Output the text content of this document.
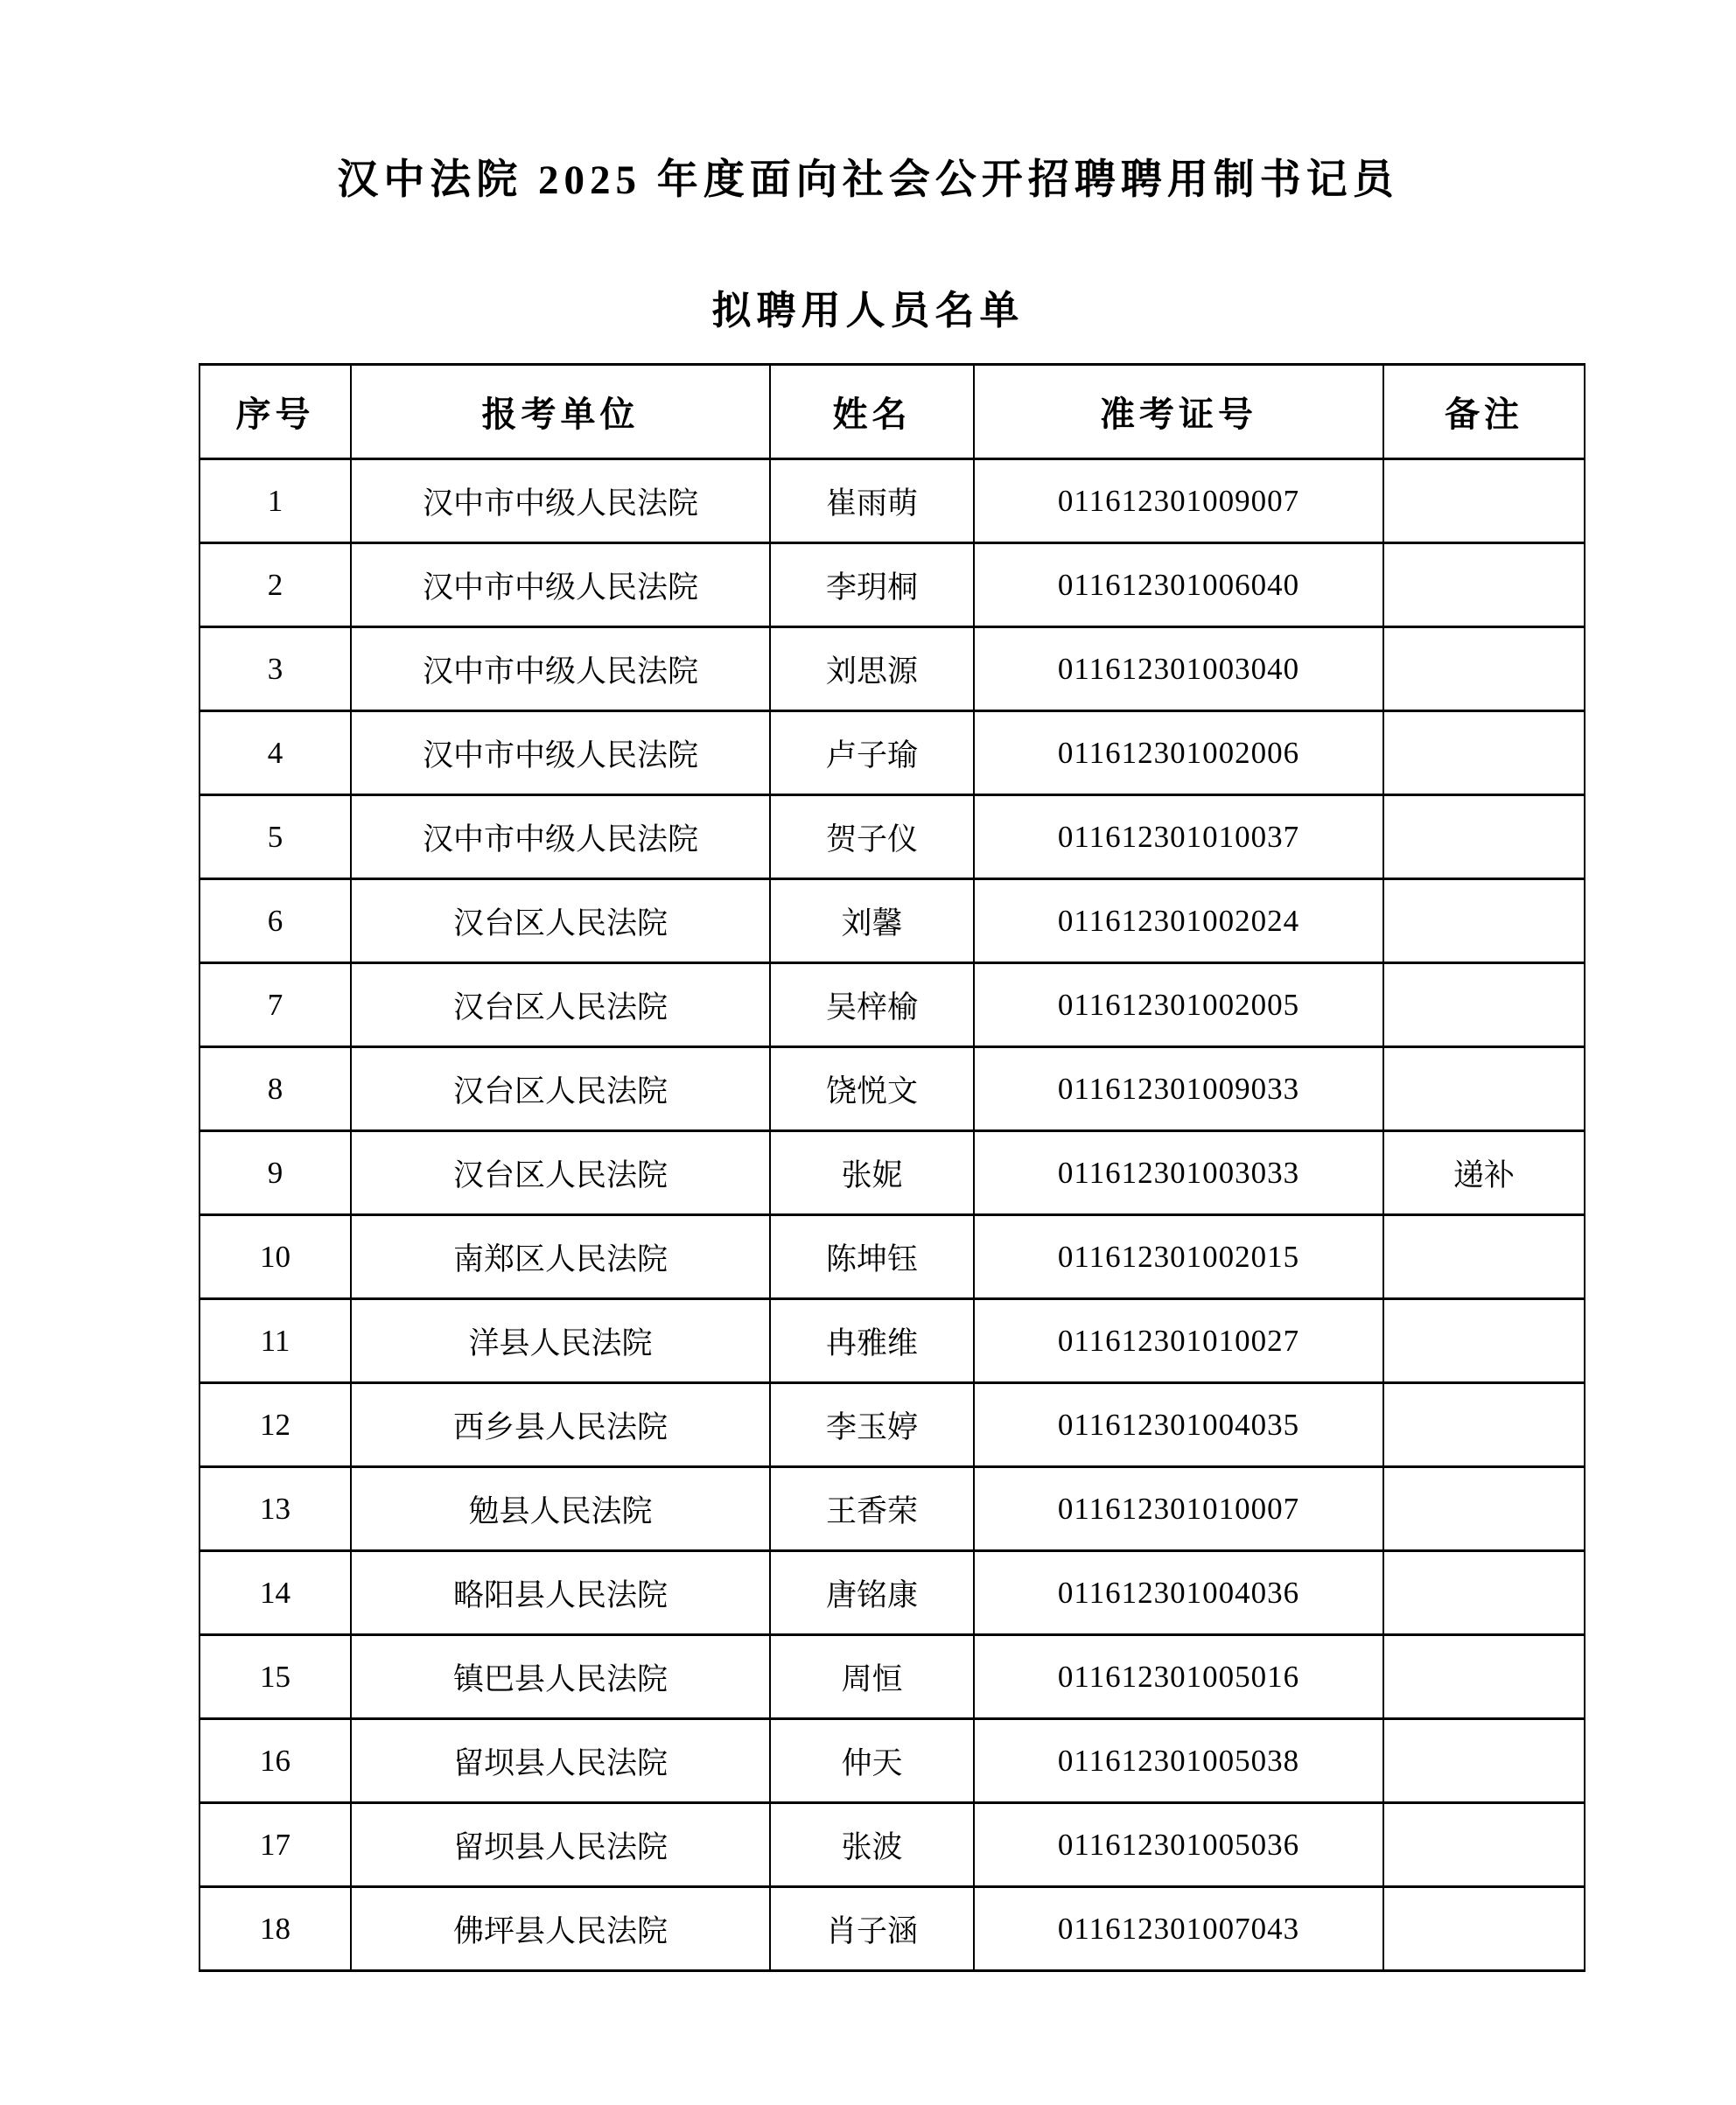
汉中法院 2025 年度面向社会公开招聘聘用制书记员

拟聘用人员名单

序号	报考单位	姓名	准考证号	备注
1	汉中市中级人民法院	崔雨萌	011612301009007	
2	汉中市中级人民法院	李玥桐	011612301006040	
3	汉中市中级人民法院	刘思源	011612301003040	
4	汉中市中级人民法院	卢子瑜	011612301002006	
5	汉中市中级人民法院	贺子仪	011612301010037	
6	汉台区人民法院	刘馨	011612301002024	
7	汉台区人民法院	吴梓榆	011612301002005	
8	汉台区人民法院	饶悦文	011612301009033	
9	汉台区人民法院	张妮	011612301003033	递补
10	南郑区人民法院	陈坤钰	011612301002015	
11	洋县人民法院	冉雅维	011612301010027	
12	西乡县人民法院	李玉婷	011612301004035	
13	勉县人民法院	王香荣	011612301010007	
14	略阳县人民法院	唐铭康	011612301004036	
15	镇巴县人民法院	周恒	011612301005016	
16	留坝县人民法院	仲天	011612301005038	
17	留坝县人民法院	张波	011612301005036	
18	佛坪县人民法院	肖子涵	011612301007043	
